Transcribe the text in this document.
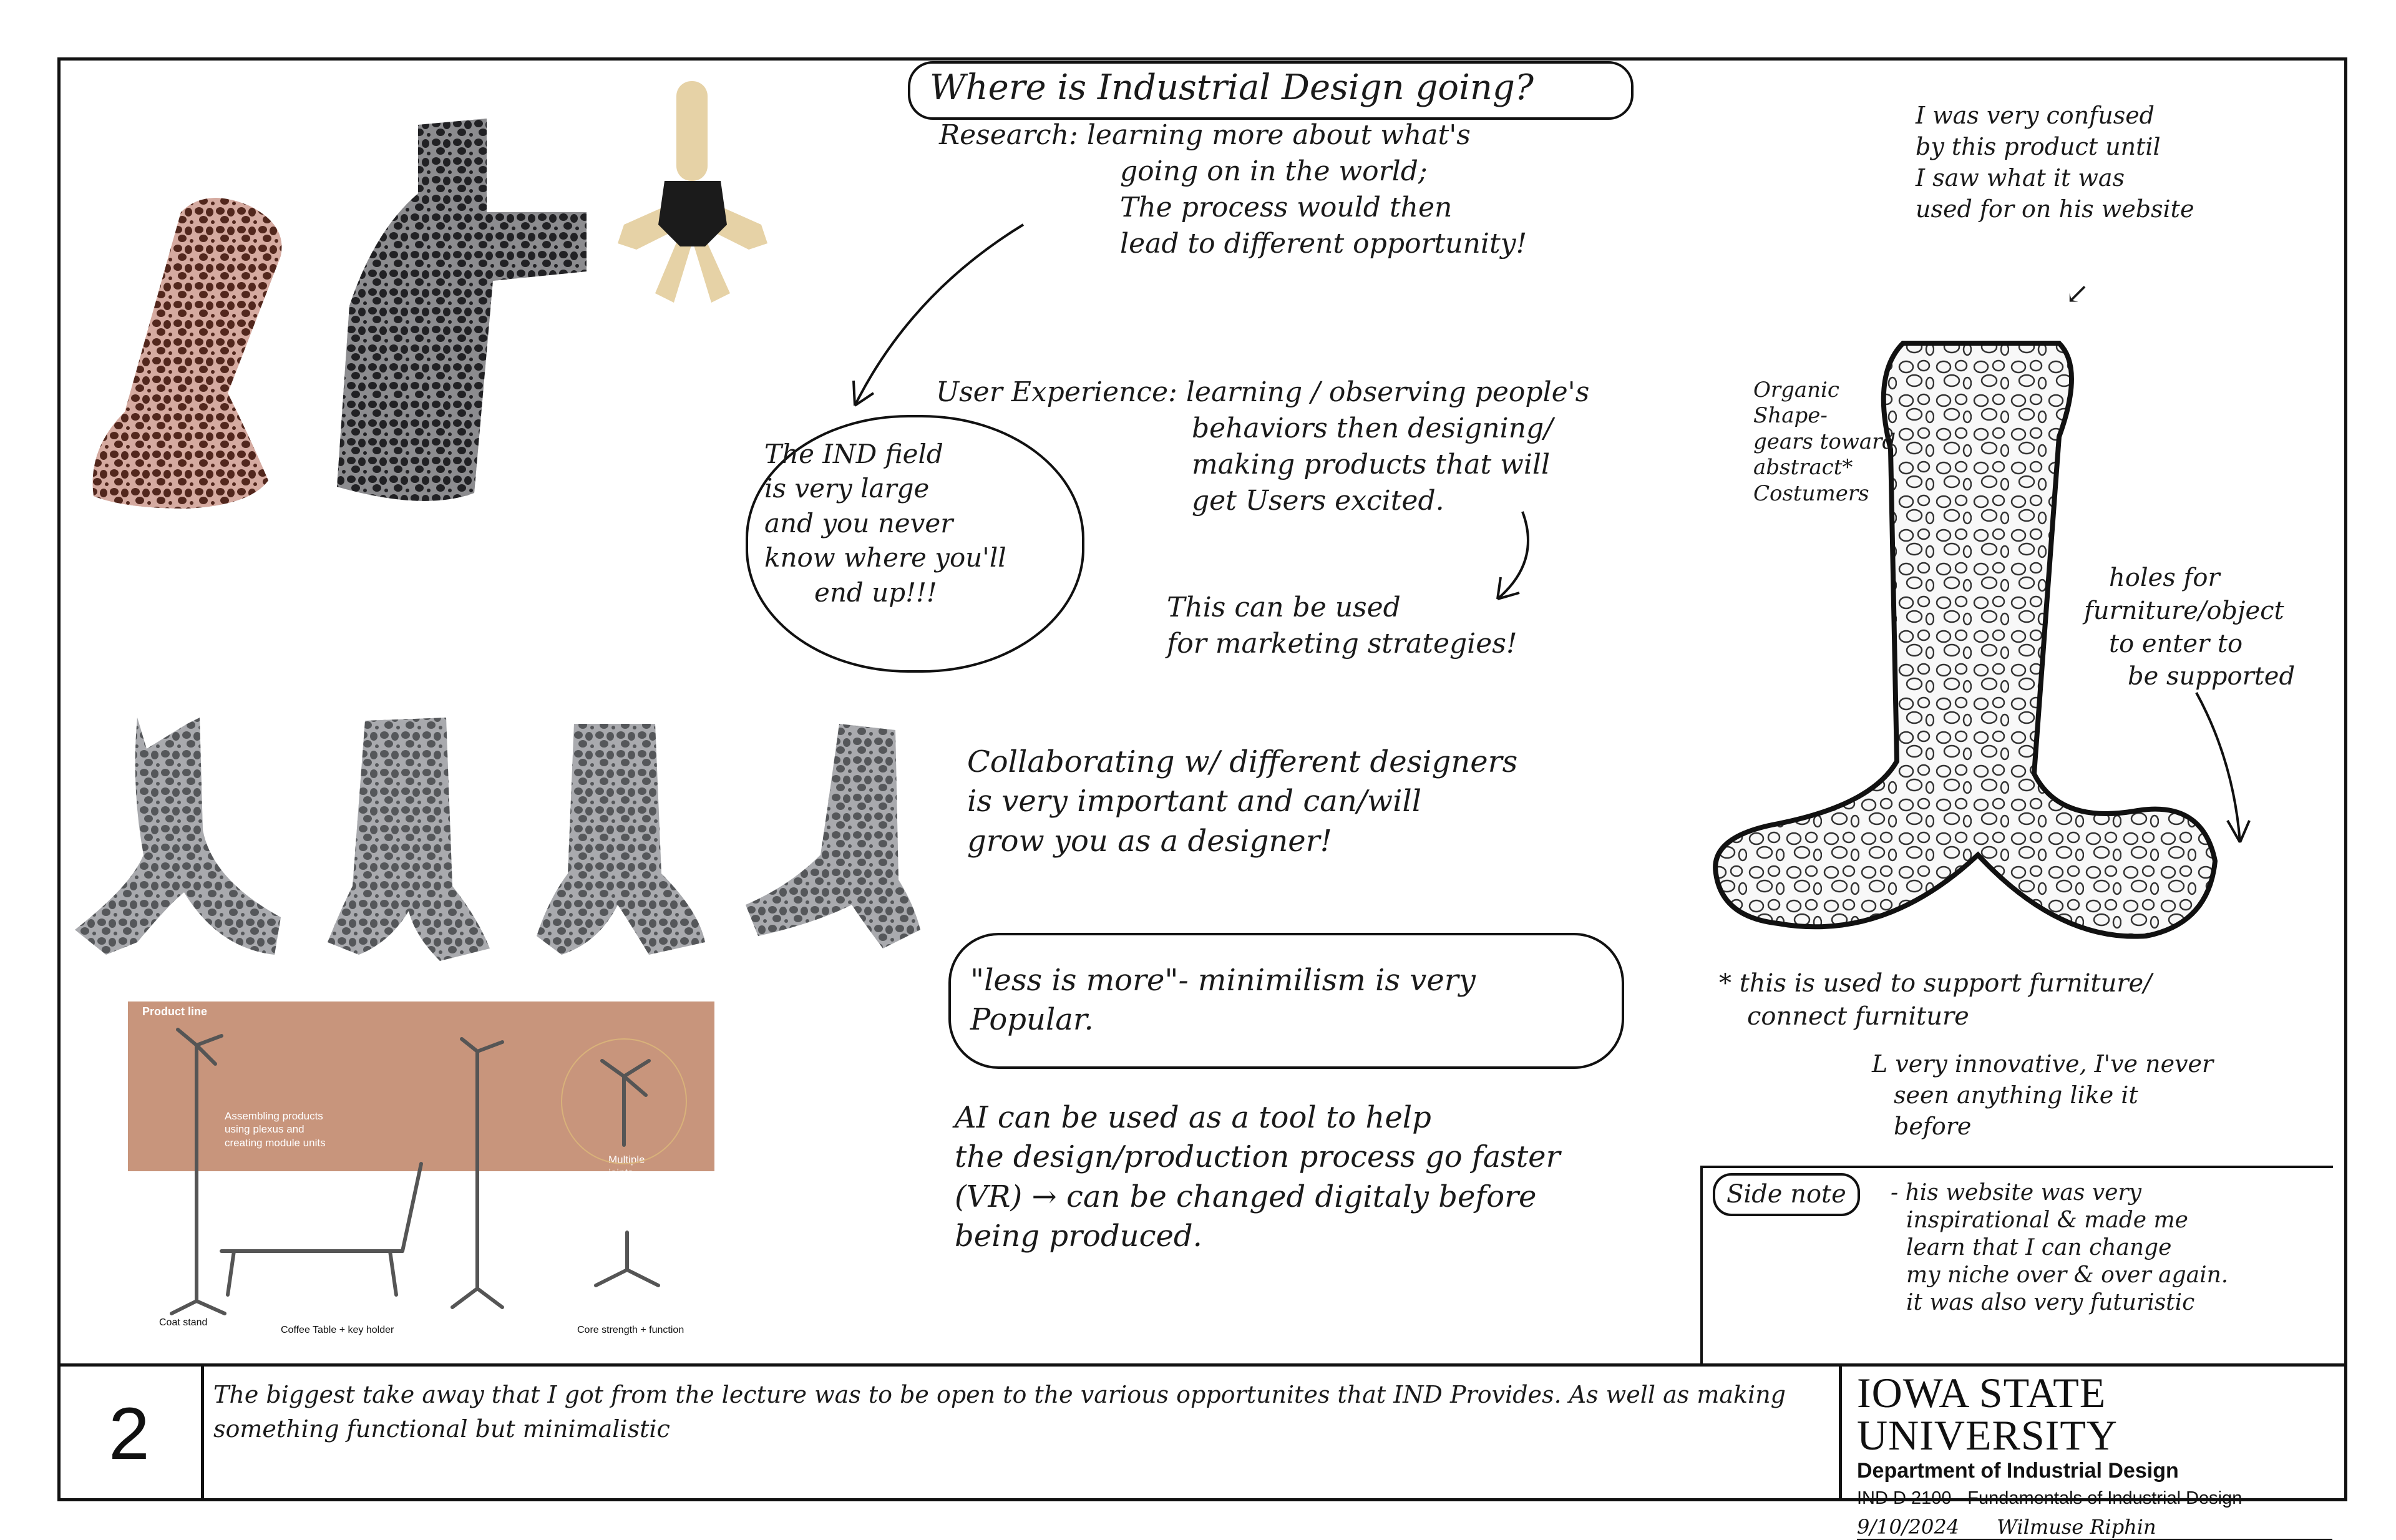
Product line
Assembling products
using plexus and
creating module units
Multiple
joints
Coat stand
Coffee Table + key holder	Core strength + function
Where is Industrial Design going?
Research: learning more about what's
going on in the world;
The process would then
lead to different opportunity!
The IND field
is very large
and you never
know where you'll
end up!!!
User Experience: learning / observing people's
behaviors then designing/
making products that will
get Users excited.
This can be used
for marketing strategies!
Collaborating w/ different designers
is very important and can/will
grow you as a designer!
"less is more"- minimilism is very
Popular.
AI can be used as a tool to help
the design/production process go faster
(VR) → can be changed digitaly before
being produced.
I was very confused
by this product until
I saw what it was
used for on his website
↙
Organic
Shape-
gears toward
abstract*
Costumers
holes for
furniture/object
to enter to
be supported
* this is used to support furniture/
connect furniture
L very innovative, I've never
seen anything like it
before
Side note	- his website was very
inspirational & made me
learn that I can change
my niche over & over again.
it was also very futuristic
2	The biggest take away that I got from the lecture was to be open to the various opportunites that IND Provides. As well as making something functional but minimalistic
IOWA STATE UNIVERSITY
Department of Industrial Design
IND D 2100 - Fundamentals of Industrial Design
9/10/2024 Wilmuse Riphin
